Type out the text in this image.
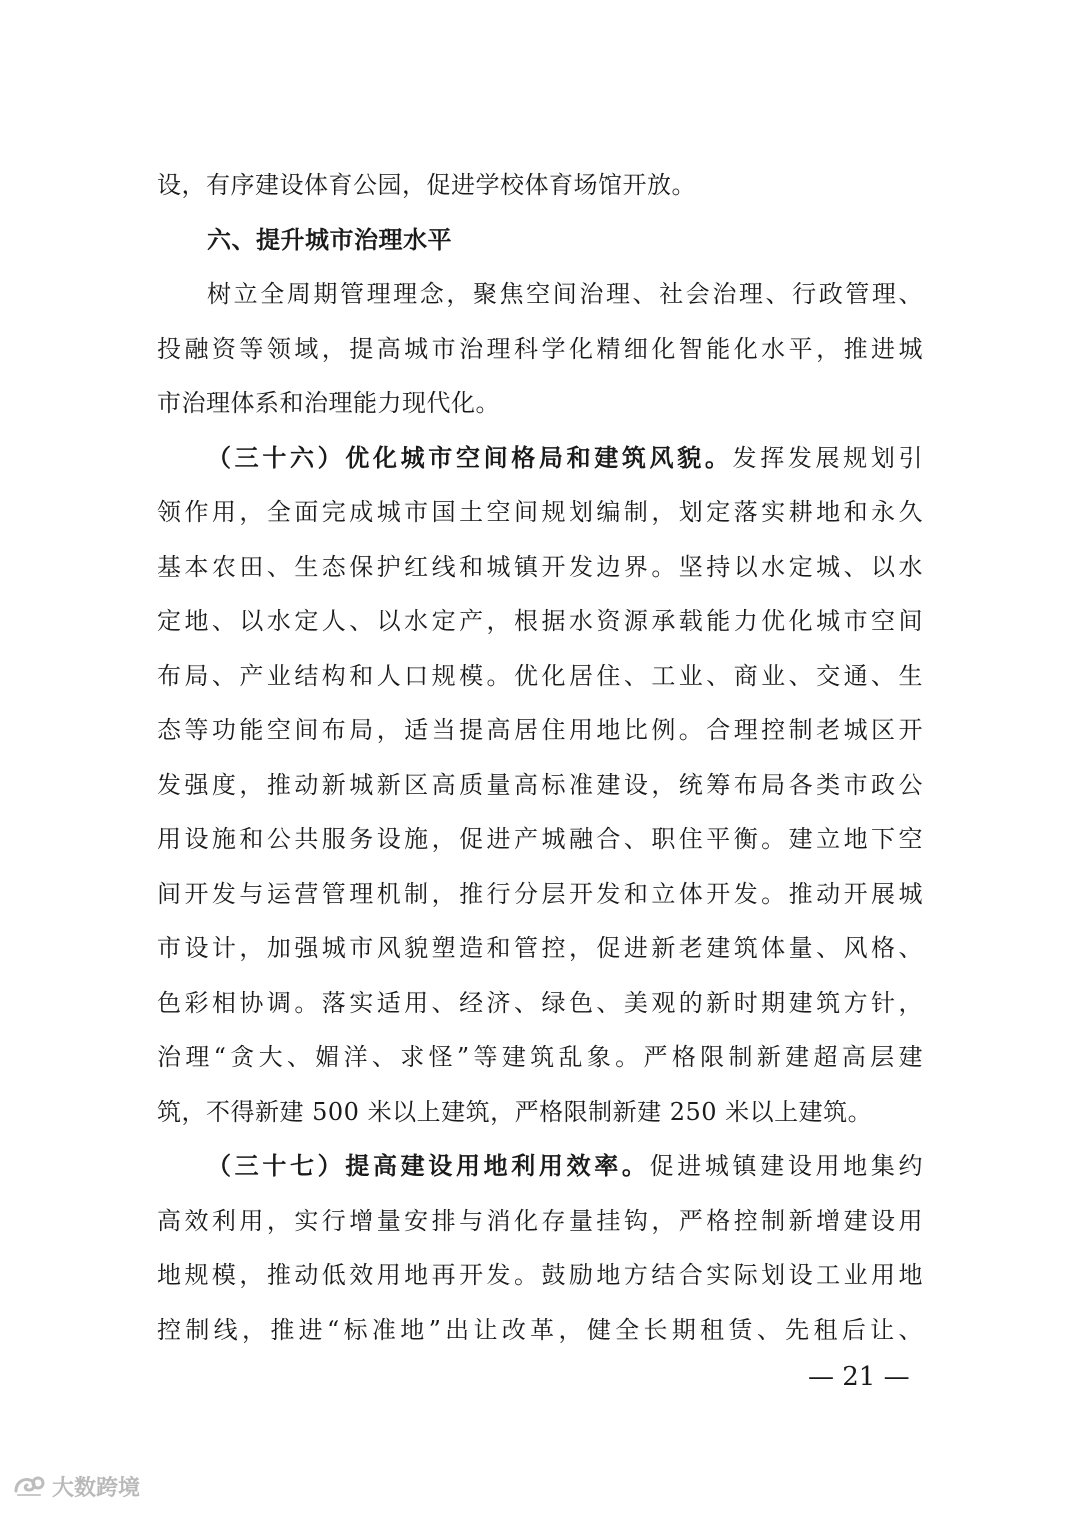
设，有序建设体育公园，促进学校体育场馆开放。
六、提升城市治理水平
树立全周期管理理念，聚焦空间治理、社会治理、行政管理、
投融资等领域，提高城市治理科学化精细化智能化水平，推进城
市治理体系和治理能力现代化。
（三十六）优化城市空间格局和建筑风貌。发挥发展规划引
领作用，全面完成城市国土空间规划编制，划定落实耕地和永久
基本农田、生态保护红线和城镇开发边界。坚持以水定城、以水
定地、以水定人、以水定产，根据水资源承载能力优化城市空间
布局、产业结构和人口规模。优化居住、工业、商业、交通、生
态等功能空间布局，适当提高居住用地比例。合理控制老城区开
发强度，推动新城新区高质量高标准建设，统筹布局各类市政公
用设施和公共服务设施，促进产城融合、职住平衡。建立地下空
间开发与运营管理机制，推行分层开发和立体开发。推动开展城
市设计，加强城市风貌塑造和管控，促进新老建筑体量、风格、
色彩相协调。落实适用、经济、绿色、美观的新时期建筑方针，
治理“贪大、媚洋、求怪”等建筑乱象。严格限制新建超高层建
筑，不得新建 500 米以上建筑，严格限制新建 250 米以上建筑。
（三十七）提高建设用地利用效率。促进城镇建设用地集约
高效利用，实行增量安排与消化存量挂钩，严格控制新增建设用
地规模，推动低效用地再开发。鼓励地方结合实际划设工业用地
控制线，推进“标准地”出让改革，健全长期租赁、先租后让、
— 21 —
大数跨境
